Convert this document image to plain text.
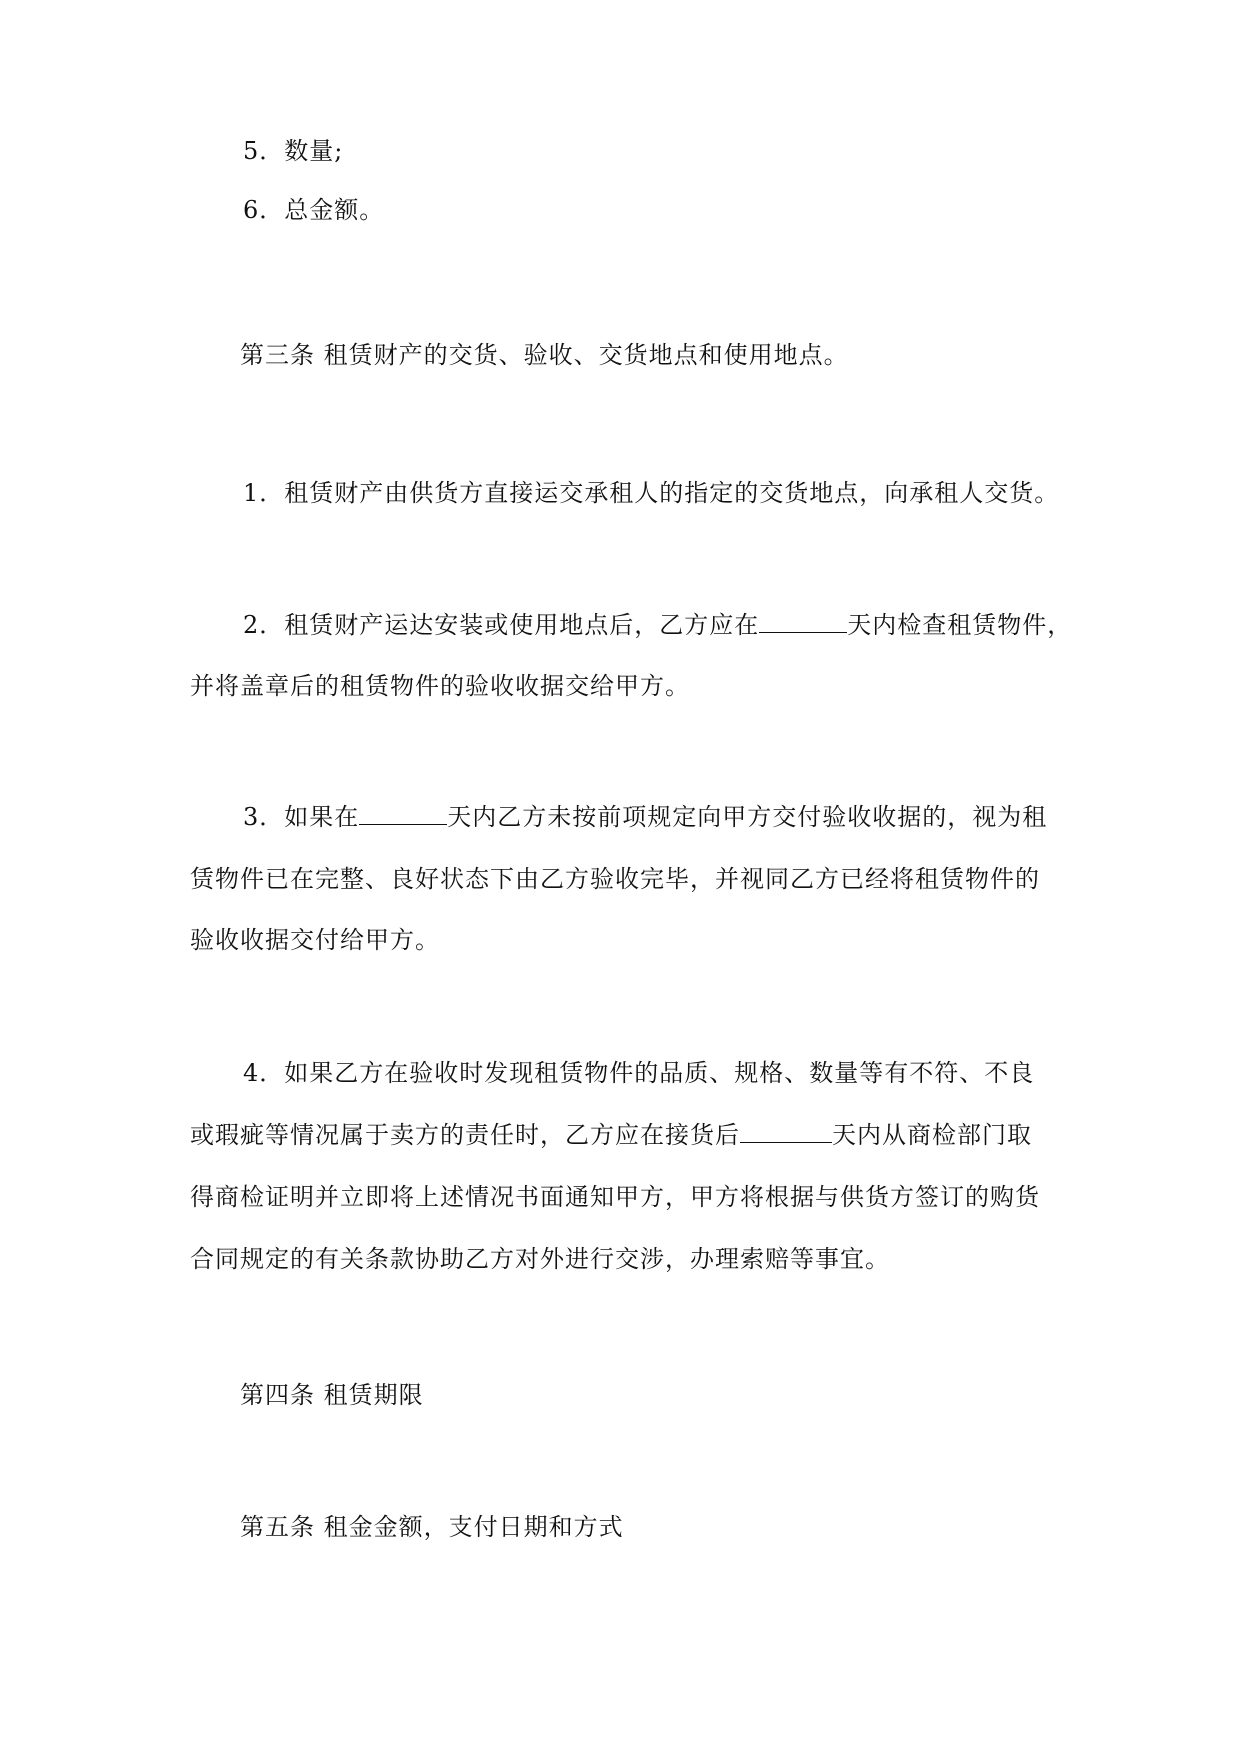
5．数量;
6．总金额。
第三条 租赁财产的交货、验收、交货地点和使用地点。
1．租赁财产由供货方直接运交承租人的指定的交货地点，向承租人交货。
2．租赁财产运达安装或使用地点后，乙方应在	天内检查租赁物件，
并将盖章后的租赁物件的验收收据交给甲方。
3．如果在	天内乙方未按前项规定向甲方交付验收收据的，视为租
赁物件已在完整、良好状态下由乙方验收完毕，并视同乙方已经将租赁物件的
验收收据交付给甲方。
4．如果乙方在验收时发现租赁物件的品质、规格、数量等有不符、不良
或瑕疵等情况属于卖方的责任时，乙方应在接货后	天内从商检部门取
得商检证明并立即将上述情况书面通知甲方，甲方将根据与供货方签订的购货
合同规定的有关条款协助乙方对外进行交涉，办理索赔等事宜。
第四条 租赁期限
第五条 租金金额，支付日期和方式
